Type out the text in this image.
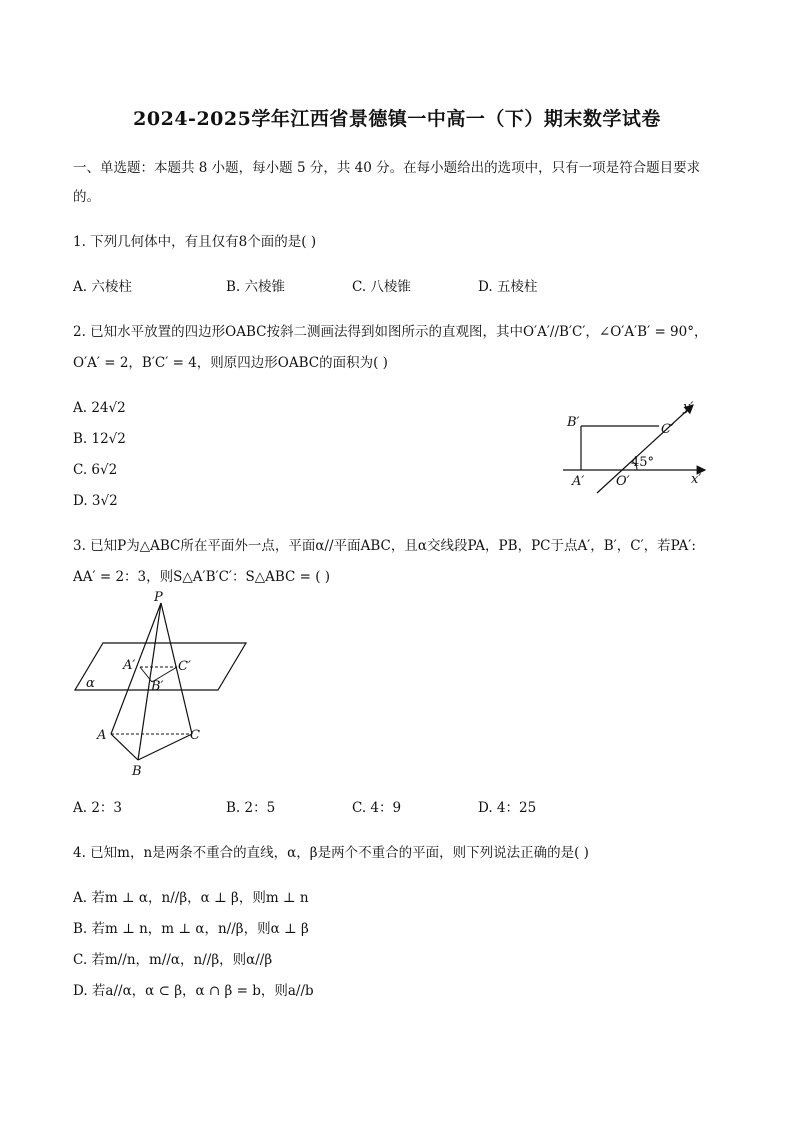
2024-2025学年江西省景德镇一中高一（下）期末数学试卷
一、单选题：本题共 8 小题，每小题 5 分，共 40 分。在每小题给出的选项中，只有一项是符合题目要求
的。
1. 下列几何体中，有且仅有8个面的是( )
A. 六棱柱	B. 六棱锥	C. 八棱锥	D. 五棱柱
2. 已知水平放置的四边形OABC按斜二测画法得到如图所示的直观图，其中O′A′//B′C′，∠O′A′B′ = 90°，
O′A′ = 2，B′C′ = 4，则原四边形OABC的面积为( )
A. 24√2
B. 12√2
C. 6√2
D. 3√2
B′	C′
y′
45°
A′ O′	x′
3. 已知P为△ABC所在平面外一点，平面α//平面ABC，且α交线段PA，PB，PC于点A′，B′，C′，若PA′:
AA′ = 2：3，则S△A′B′C′：S△ABC = ( )
P
A′	C′
B′
α
A	C
B
A. 2：3	B. 2：5	C. 4：9	D. 4：25
4. 已知m，n是两条不重合的直线，α，β是两个不重合的平面，则下列说法正确的是( )
A. 若m ⊥ α，n//β，α ⊥ β，则m ⊥ n
B. 若m ⊥ n，m ⊥ α，n//β，则α ⊥ β
C. 若m//n，m//α，n//β，则α//β
D. 若a//α，α ⊂ β，α ∩ β = b，则a//b
